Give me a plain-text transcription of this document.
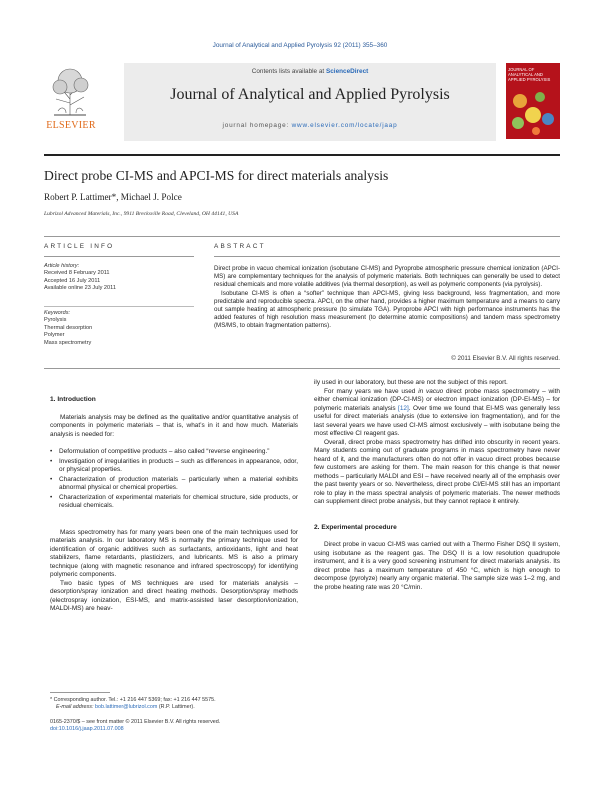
Journal of Analytical and Applied Pyrolysis 92 (2011) 355–360
ELSEVIER
Contents lists available at ScienceDirect
Journal of Analytical and Applied Pyrolysis
journal homepage: www.elsevier.com/locate/jaap
JOURNAL OF ANALYTICAL AND APPLIED PYROLYSIS
Direct probe CI-MS and APCI-MS for direct materials analysis
Robert P. Lattimer*, Michael J. Polce
Lubrizol Advanced Materials, Inc., 9911 Brecksville Road, Cleveland, OH 44141, USA
ARTICLE INFO
Article history:
Received 8 February 2011
Accepted 16 July 2011
Available online 23 July 2011
Keywords:
Pyrolysis
Thermal desorption
Polymer
Mass spectrometry
ABSTRACT

Direct probe in vacuo chemical ionization (isobutane CI-MS) and Pyroprobe atmospheric pressure chemical ionization (APCI-MS) are complementary techniques for the analysis of polymeric materials. Both techniques can generally be used to detect residual chemicals and more volatile additives (via thermal desorption), as well as polymeric components (via pyrolysis).

Isobutane CI-MS is often a “softer” technique than APCI-MS, giving less background, less fragmentation, and more predictable and reproducible spectra. APCI, on the other hand, provides a higher maximum temperature and a means to carry out sample heating at atmospheric pressure (to simulate TGA). Pyroprobe APCI with high performance instruments has the added features of high resolution mass measurement (to determine atomic compositions) and tandem mass spectrometry (MS/MS, to obtain fragmentation patterns).

© 2011 Elsevier B.V. All rights reserved.
1. Introduction

Materials analysis may be defined as the qualitative and/or quantitative analysis of components in polymeric materials – that is, what’s in it and how much. Materials analysis is needed for:

• Deformulation of competitive products – also called “reverse engineering.”
• Investigation of irregularities in products – such as differences in appearance, odor, or physical properties.
• Characterization of production materials – particularly when a material exhibits abnormal physical or chemical properties.
• Characterization of experimental materials for chemical structure, side products, or residual chemicals.

Mass spectrometry has for many years been one of the main techniques used for materials analysis. In our laboratory MS is normally the primary technique used for identification of organic additives such as surfactants, antioxidants, light and heat stabilizers, flame retardants, plasticizers, and lubricants. MS is also a primary technique (along with magnetic resonance and infrared spectroscopy) for identifying polymeric components.

Two basic types of MS techniques are used for materials analysis – desorption/spray ionization and direct heating methods. Desorption/spray methods (electrospray ionization, ESI-MS, and matrix-assisted laser desorption/ionization, MALDI-MS) are heav-

* Corresponding author. Tel.: +1 216 447 5369; fax: +1 216 447 5575.
E-mail address: bob.lattimer@lubrizol.com (R.P. Lattimer).
0165-2370/$ – see front matter © 2011 Elsevier B.V. All rights reserved.
doi:10.1016/j.jaap.2011.07.008

ily used in our laboratory, but these are not the subject of this report.

For many years we have used in vacuo direct probe mass spectrometry – with either chemical ionization (DP-CI-MS) or electron impact ionization (DP-EI-MS) – for polymeric materials analysis [12]. Over time we found that EI-MS was generally less useful for direct materials analysis (due to extensive ion fragmentation), and for the last several years we have used CI-MS almost exclusively – with isobutane being the most effective CI reagent gas.

Overall, direct probe mass spectrometry has drifted into obscurity in recent years. Many students coming out of graduate programs in mass spectrometry have never heard of it, and the manufacturers often do not offer in vacuo direct probes because few customers are asking for them. The main reason for this change is that newer methods – particularly MALDI and ESI – have received nearly all of the emphasis over the past twenty years or so. Nevertheless, direct probe CI/EI-MS still has an important role to play in the mass spectral analysis of polymeric materials. The newer methods can supplement direct probe analysis, but they cannot replace it entirely.

2. Experimental procedure

Direct probe in vacuo CI-MS was carried out with a Thermo Fisher DSQ II system, using isobutane as the reagent gas. The DSQ II is a low resolution quadrupole instrument, and it is a very good screening instrument for direct materials analysis. Its direct probe has a maximum temperature of 450 °C, which is high enough to decompose (pyrolyze) nearly any organic material. The sample size was 1–2 mg, and the probe heating rate was 20 °C/min.
